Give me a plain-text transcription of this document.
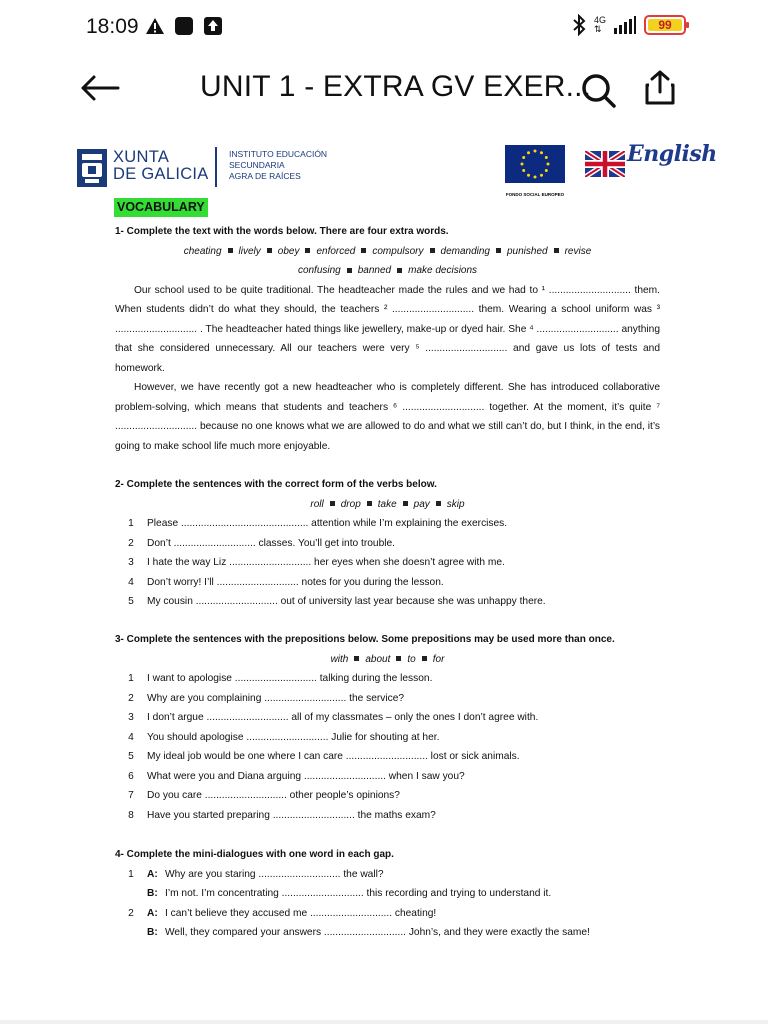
18:09	4G
⇅	99
UNIT 1 - EXTRA GV EXER...
XUNTA
DE GALICIA
INSTITUTO EDUCACIÓN
SECUNDARIA
AGRA DE RAÍCES
FONDO SOCIAL EUROPEO
English
VOCABULARY
1- Complete the text with the words below. There are four extra words.
cheating lively obey enforced compulsory demanding punished revise
confusing banned make decisions
Our school used to be quite traditional. The headteacher made the rules and we had to ¹ ............................. them. When students didn’t do what they should, the teachers ² ............................. them. Wearing a school uniform was ³ ............................. . The headteacher hated things like jewellery, make-up or dyed hair. She ⁴ ............................. anything that she considered unnecessary. All our teachers were very ⁵ ............................. and gave us lots of tests and homework.
However, we have recently got a new headteacher who is completely different. She has introduced collaborative problem-solving, which means that students and teachers ⁶ ............................. together. At the moment, it’s quite ⁷ ............................. because no one knows what we are allowed to do and what we still can’t do, but I think, in the end, it’s going to make school life much more enjoyable.
2- Complete the sentences with the correct form of the verbs below.
roll drop take pay skip
1	Please ............................................. attention while I’m explaining the exercises.
2	Don’t ............................. classes. You’ll get into trouble.
3	I hate the way Liz ............................. her eyes when she doesn’t agree with me.
4	Don’t worry! I’ll ............................. notes for you during the lesson.
5	My cousin ............................. out of university last year because she was unhappy there.
3- Complete the sentences with the prepositions below. Some prepositions may be used more than once.
with about to for
1	I want to apologise ............................. talking during the lesson.
2	Why are you complaining ............................. the service?
3	I don’t argue ............................. all of my classmates – only the ones I don’t agree with.
4	You should apologise ............................. Julie for shouting at her.
5	My ideal job would be one where I can care ............................. lost or sick animals.
6	What were you and Diana arguing ............................. when I saw you?
7	Do you care ............................. other people’s opinions?
8	Have you started preparing ............................. the maths exam?
4- Complete the mini-dialogues with one word in each gap.
1	A: Why are you staring ............................. the wall?
B: I’m not. I’m concentrating ............................. this recording and trying to understand it.
2	A: I can’t believe they accused me ............................. cheating!
B: Well, they compared your answers ............................. John’s, and they were exactly the same!
